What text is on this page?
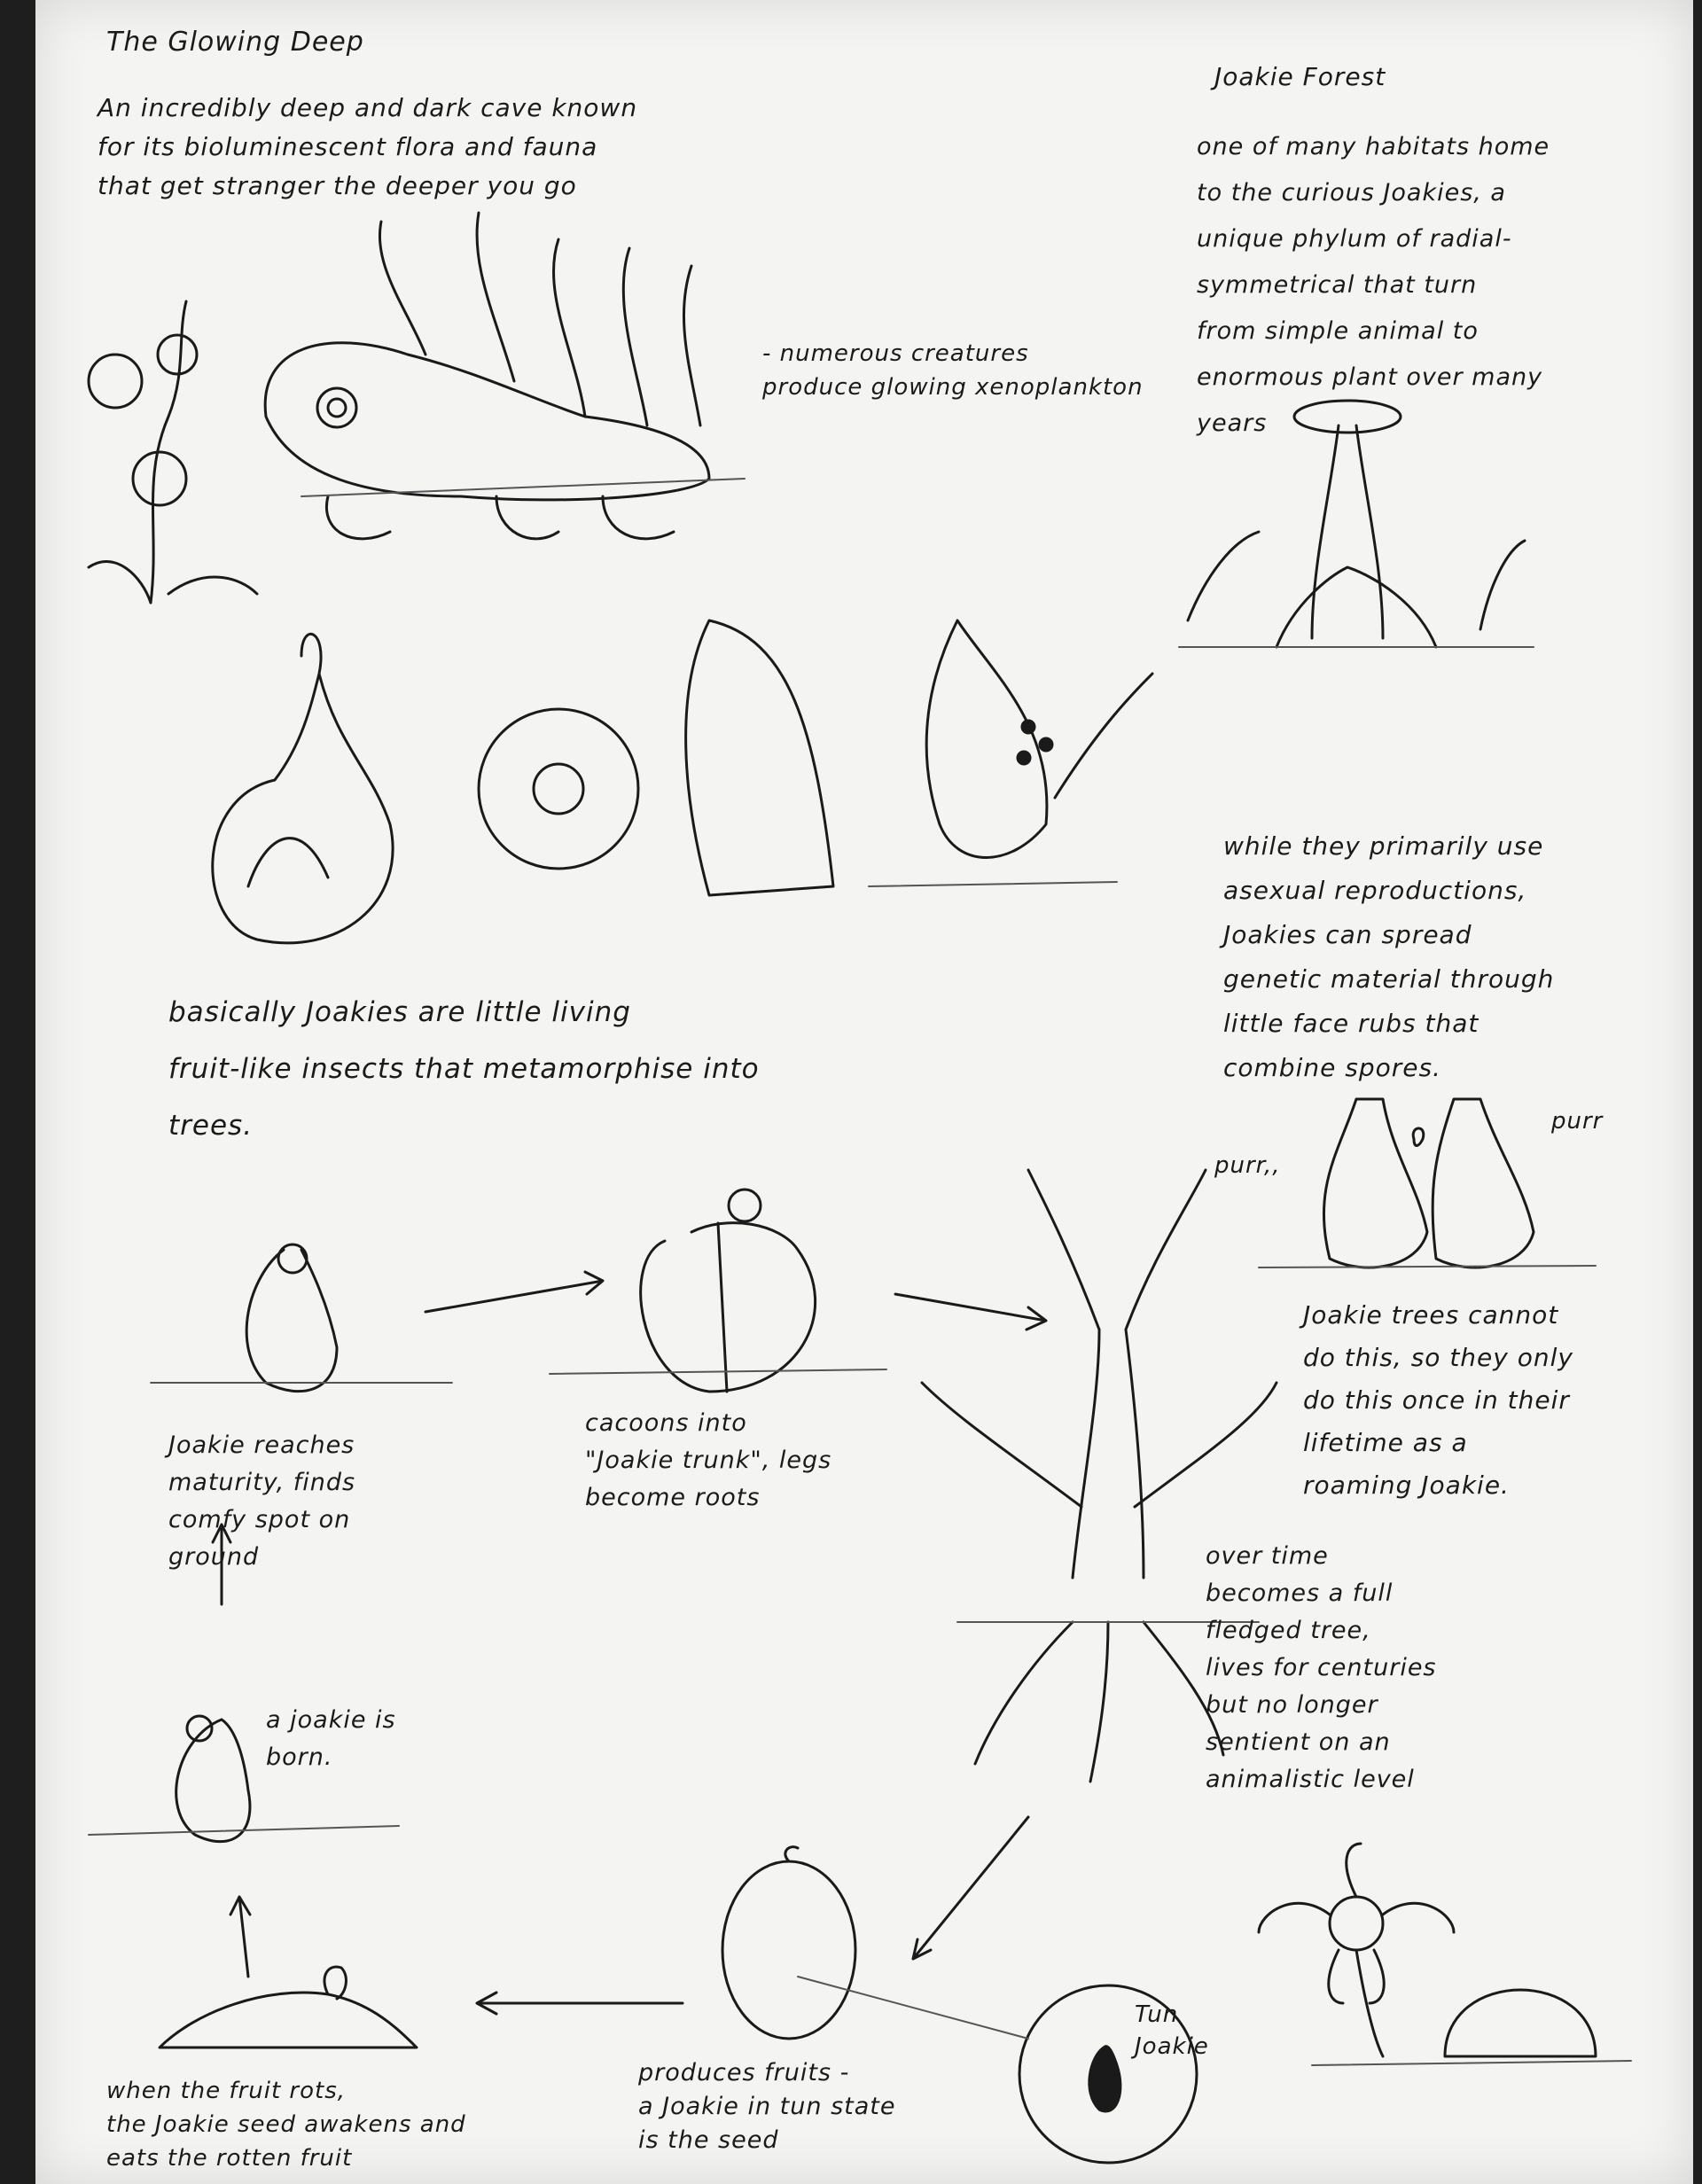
The Glowing Deep
An incredibly deep and dark cave known
for its bioluminescent flora and fauna
that get stranger the deeper you go
- numerous creatures
produce glowing xenoplankton
Joakie Forest
one of many habitats home
to the curious Joakies, a
unique phylum of radial-
symmetrical that turn
from simple animal to
enormous plant over many
years
basically Joakies are little living
fruit-like insects that metamorphise into
trees.
while they primarily use
asexual reproductions,
Joakies can spread
genetic material through
little face rubs that
combine spores.
purr,,
purr
Joakie trees cannot
do this, so they only
do this once in their
lifetime as a
roaming Joakie.
Joakie reaches
maturity, finds
comfy spot on
ground
cacoons into
"Joakie trunk", legs
become roots
over time
becomes a full
fledged tree,
lives for centuries
but no longer
sentient on an
animalistic level
a joakie is
born.
produces fruits -
a Joakie in tun state
is the seed
Tun
Joakie
when the fruit rots,
the Joakie seed awakens and
eats the rotten fruit
